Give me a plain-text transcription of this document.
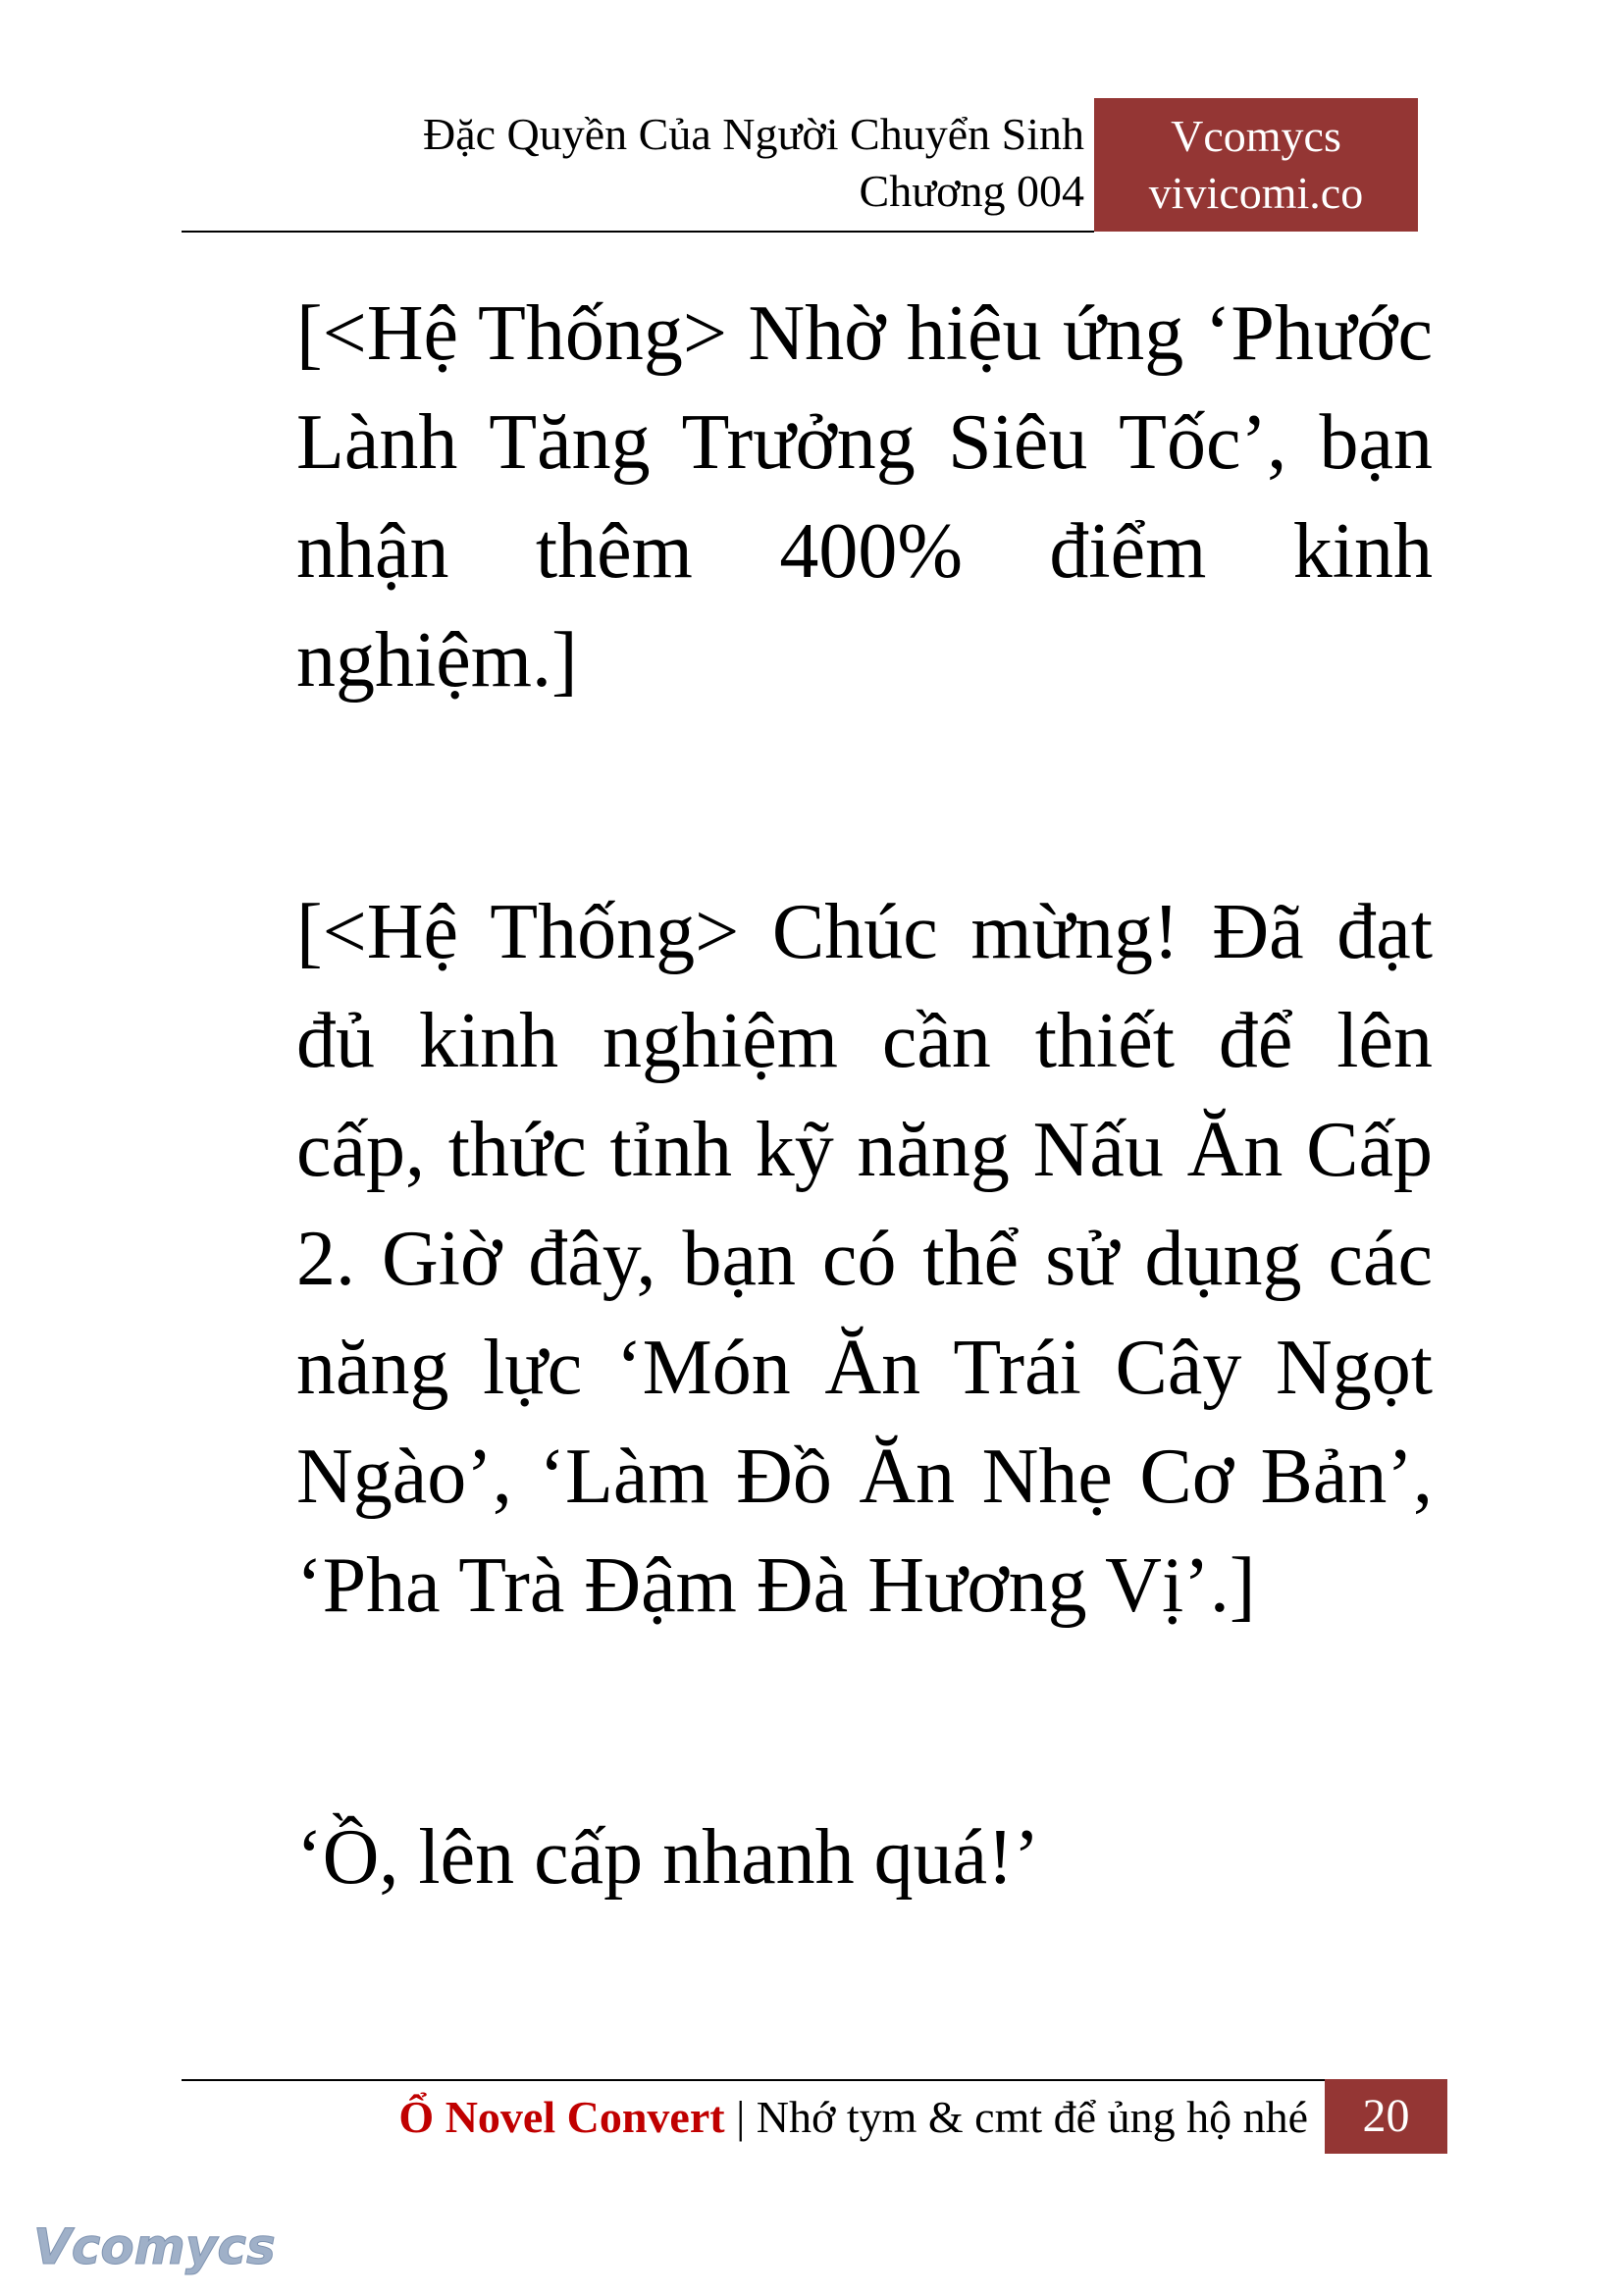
Đặc Quyền Của Người Chuyển Sinh
Chương 004
Vcomycs
vivicomi.co

[<Hệ Thống> Nhờ hiệu ứng ‘Phước Lành Tăng Trưởng Siêu Tốc’, bạn nhận thêm 400% điểm kinh nghiệm.]

[<Hệ Thống> Chúc mừng! Đã đạt đủ kinh nghiệm cần thiết để lên cấp, thức tỉnh kỹ năng Nấu Ăn Cấp 2. Giờ đây, bạn có thể sử dụng các năng lực ‘Món Ăn Trái Cây Ngọt Ngào’, ‘Làm Đồ Ăn Nhẹ Cơ Bản’, ‘Pha Trà Đậm Đà Hương Vị’.]

‘Ồ, lên cấp nhanh quá!’

Ổ Novel Convert | Nhớ tym & cmt để ủng hộ nhé	20
Vcomycs
